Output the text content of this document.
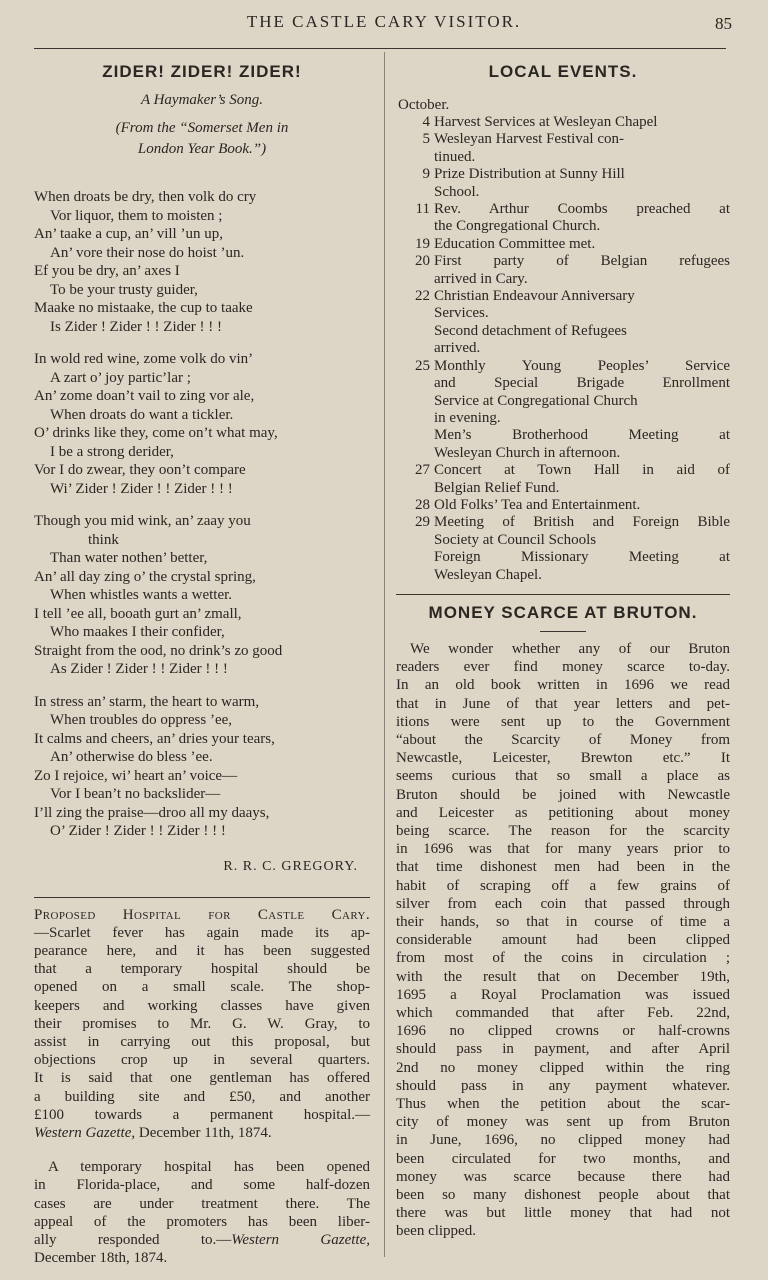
THE CASTLE CARY VISITOR.	85
ZIDER! ZIDER! ZIDER!

A Haymaker’s Song.

(From the “Somerset Men in
London Year Book.”)
When droats be dry, then volk do cry
Vor liquor, them to moisten ;
An’ taake a cup, an’ vill ’un up,
An’ vore their nose do hoist ’un.
Ef you be dry, an’ axes I
To be your trusty guider,
Maake no mistaake, the cup to taake
Is Zider ! Zider ! ! Zider ! ! !
In wold red wine, zome volk do vin’
A zart o’ joy partic’lar ;
An’ zome doan’t vail to zing vor ale,
When droats do want a tickler.
O’ drinks like they, come on’t what may,
I be a strong derider,
Vor I do zwear, they oon’t compare
Wi’ Zider ! Zider ! ! Zider ! ! !
Though you mid wink, an’ zaay you
think
Than water nothen’ better,
An’ all day zing o’ the crystal spring,
When whistles wants a wetter.
I tell ’ee all, booath gurt an’ zmall,
Who maakes I their confider,
Straight from the ood, no drink’s zo good
As Zider ! Zider ! ! Zider ! ! !
In stress an’ starm, the heart to warm,
When troubles do oppress ’ee,
It calms and cheers, an’ dries your tears,
An’ otherwise do bless ’ee.
Zo I rejoice, wi’ heart an’ voice—
Vor I bean’t no backslider—
I’ll zing the praise—droo all my daays,
O’ Zider ! Zider ! ! Zider ! ! !
R. R. C. GREGORY.
Proposed Hospital for Castle Cary.
—Scarlet fever has again made its ap-
pearance here, and it has been suggested
that a temporary hospital should be
opened on a small scale. The shop-
keepers and working classes have given
their promises to Mr. G. W. Gray, to
assist in carrying out this proposal, but
objections crop up in several quarters.
It is said that one gentleman has offered
a building site and £50, and another
£100 towards a permanent hospital.—
Western Gazette, December 11th, 1874.
A temporary hospital has been opened
in Florida-place, and some half-dozen
cases are under treatment there. The
appeal of the promoters has been liber-
ally responded to.—Western Gazette,
December 18th, 1874.
LOCAL EVENTS.
October.
4 Harvest Services at Wesleyan Chapel
5 Wesleyan Harvest Festival con-
tinued.
9 Prize Distribution at Sunny Hill
School.
11 Rev. Arthur Coombs preached at
the Congregational Church.
19 Education Committee met.
20 First party of Belgian refugees
arrived in Cary.
22 Christian Endeavour Anniversary
Services.
Second detachment of Refugees
arrived.
25 Monthly Young Peoples’ Service
and Special Brigade Enrollment
Service at Congregational Church
in evening.
Men’s Brotherhood Meeting at
Wesleyan Church in afternoon.
27 Concert at Town Hall in aid of
Belgian Relief Fund.
28 Old Folks’ Tea and Entertainment.
29 Meeting of British and Foreign Bible
Society at Council Schools
Foreign Missionary Meeting at
Wesleyan Chapel.
MONEY SCARCE AT BRUTON.
We wonder whether any of our Bruton
readers ever find money scarce to-day.
In an old book written in 1696 we read
that in June of that year letters and pet-
itions were sent up to the Government
“about the Scarcity of Money from
Newcastle, Leicester, Brewton etc.” It
seems curious that so small a place as
Bruton should be joined with Newcastle
and Leicester as petitioning about money
being scarce. The reason for the scarcity
in 1696 was that for many years prior to
that time dishonest men had been in the
habit of scraping off a few grains of
silver from each coin that passed through
their hands, so that in course of time a
considerable amount had been clipped
from most of the coins in circulation ;
with the result that on December 19th,
1695 a Royal Proclamation was issued
which commanded that after Feb. 22nd,
1696 no clipped crowns or half-crowns
should pass in payment, and after April
2nd no money clipped within the ring
should pass in any payment whatever.
Thus when the petition about the scar-
city of money was sent up from Bruton
in June, 1696, no clipped money had
been circulated for two months, and
money was scarce because there had
been so many dishonest people about that
there was but little money that had not
been clipped.
